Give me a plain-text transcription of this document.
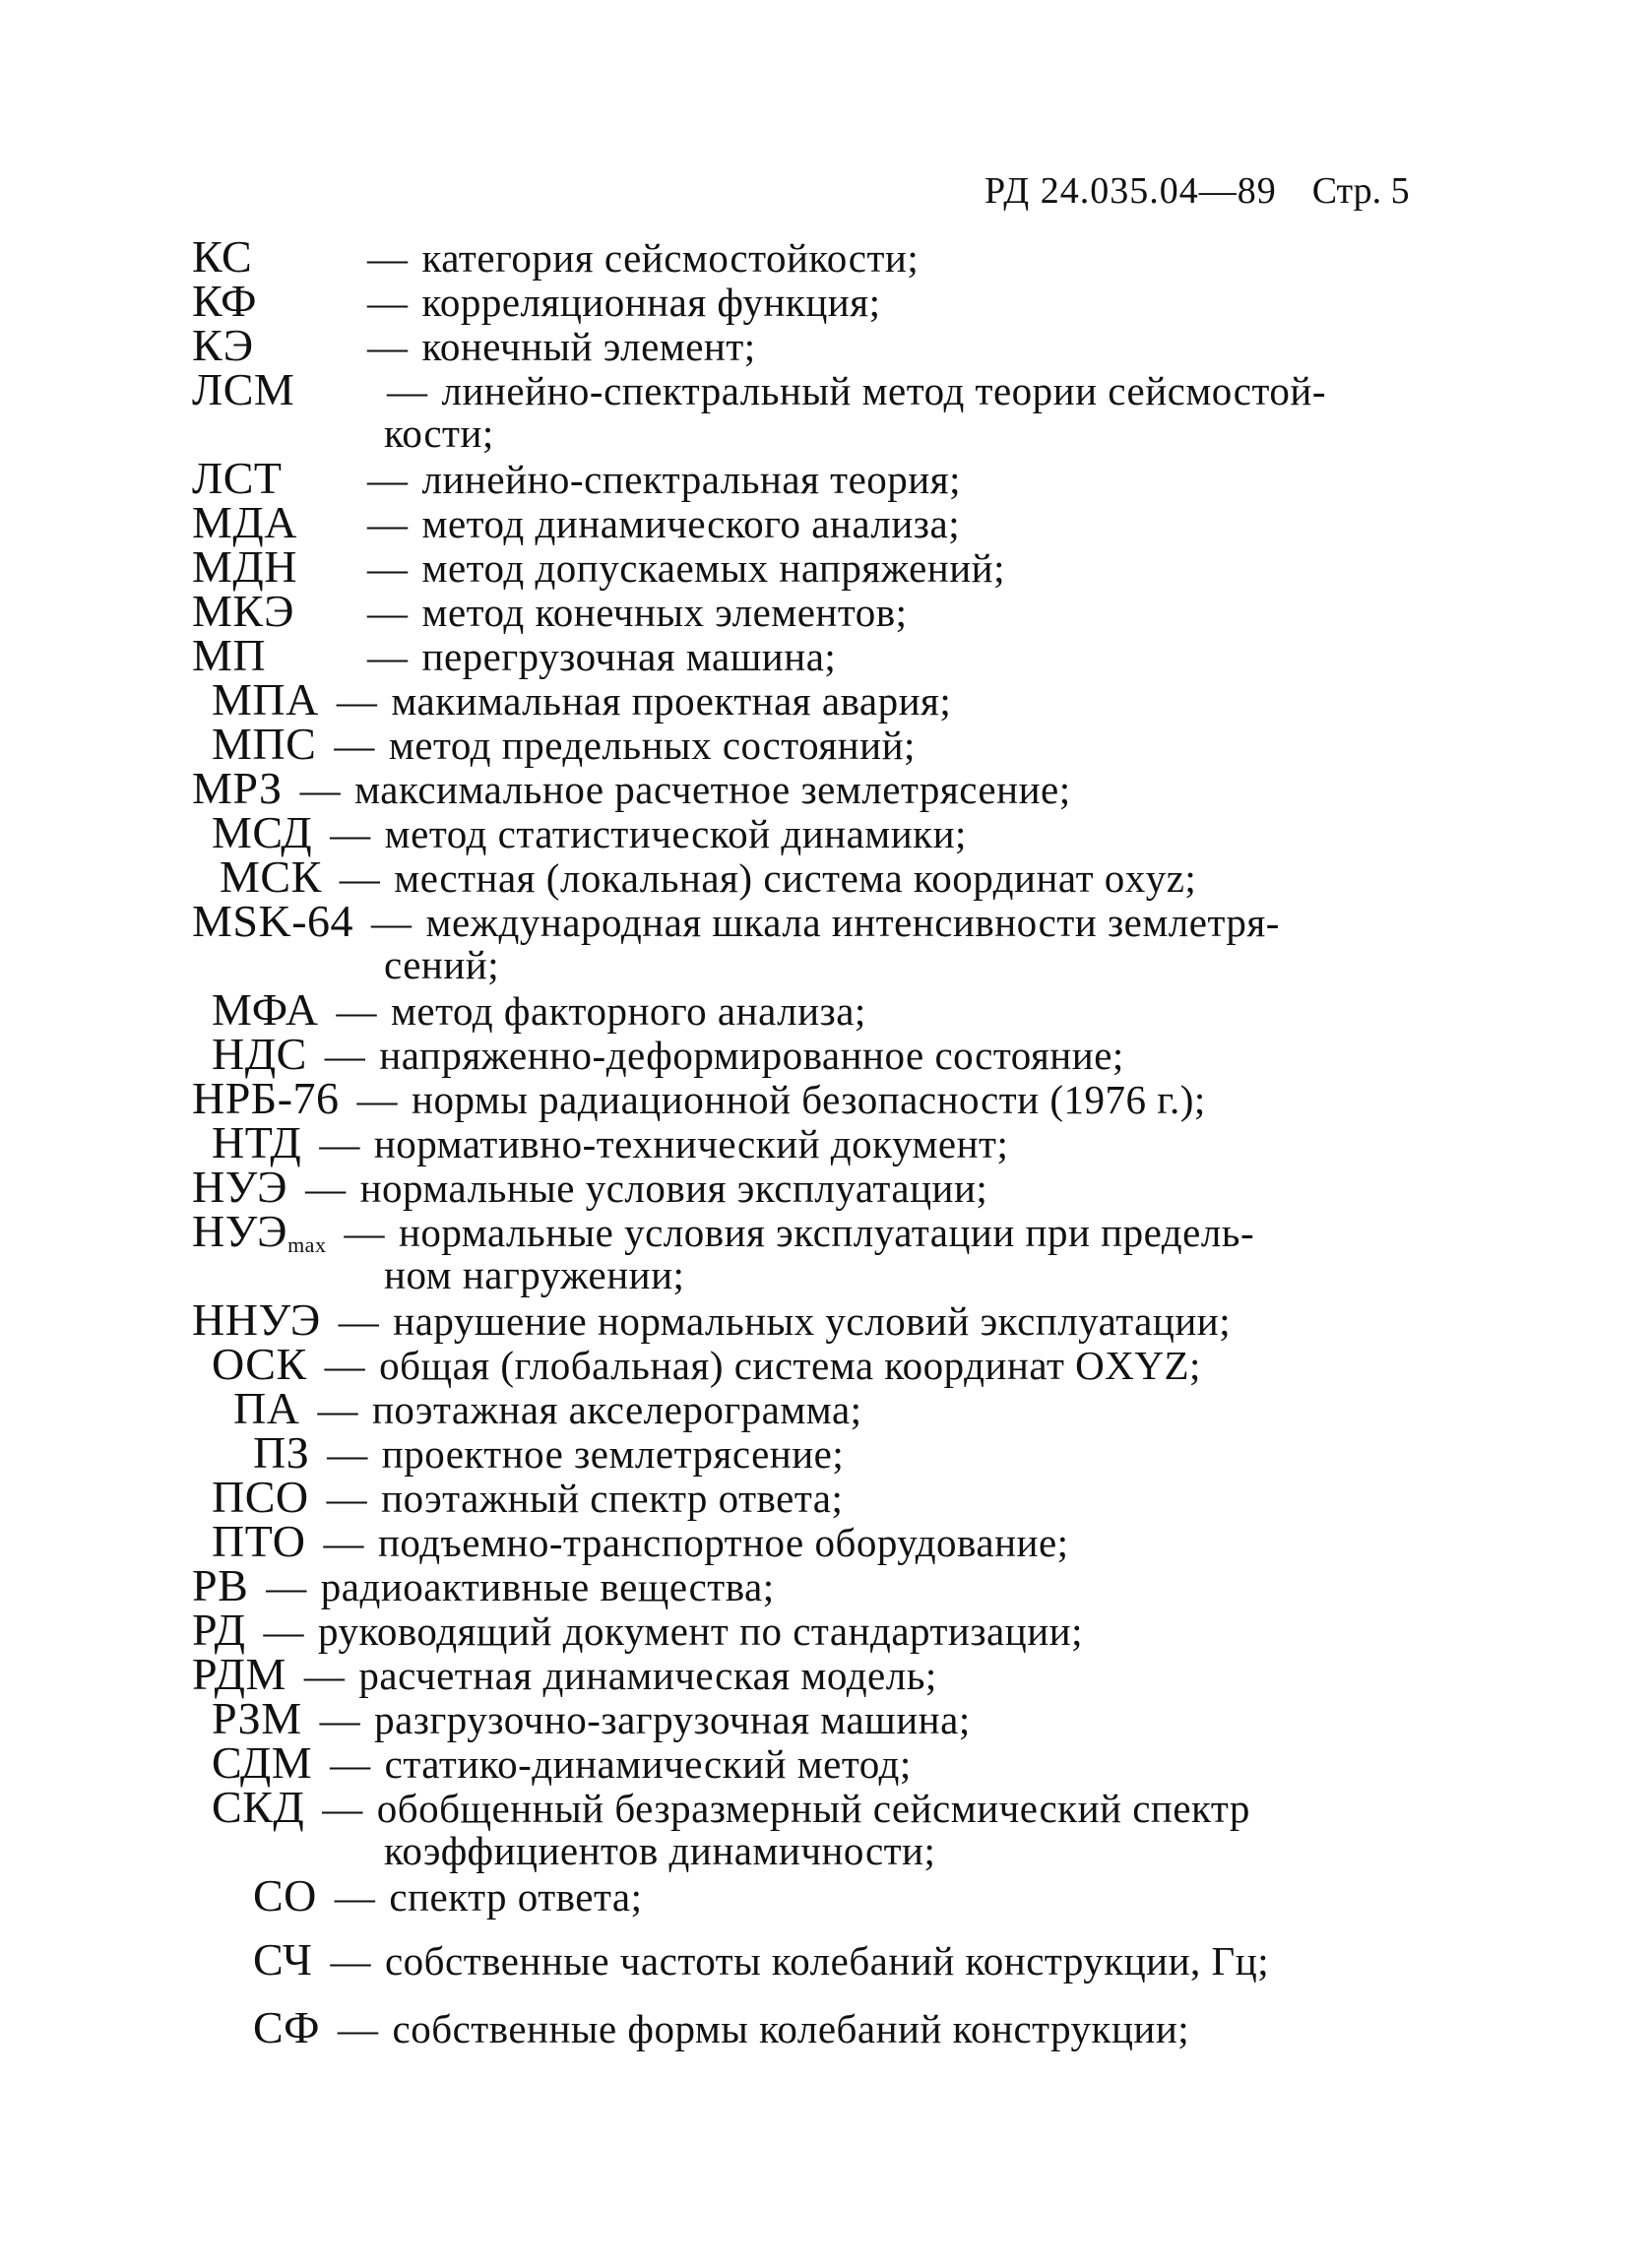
РД 24.035.04—89 Стр. 5
КС	— категория сейсмостойкости;
КФ	— корреляционная функция;
КЭ	— конечный элемент;
ЛСМ — линейно-спектральный метод теории сейсмостой-
кости;
ЛСТ — линейно-спектральная теория;
МДА — метод динамического анализа;
МДН — метод допускаемых напряжений;
МКЭ — метод конечных элементов;
МП	— перегрузочная машина;
МПА — макимальная проектная авария;
МПС — метод предельных состояний;
МРЗ — максимальное расчетное землетрясение;
МСД — метод статистической динамики;
МСК — местная (локальная) система координат oxyz;
MSK-64 — международная шкала интенсивности землетря-
сений;
МФА — метод факторного анализа;
НДС — напряженно-деформированное состояние;
НРБ-76 — нормы радиационной безопасности (1976 г.);
НТД — нормативно-технический документ;
НУЭ — нормальные условия эксплуатации;
$НУЭ_{max}$ — нормальные условия эксплуатации при предель-
ном нагружении;
ННУЭ — нарушение нормальных условий эксплуатации;
ОСК — общая (глобальная) система координат OXYZ;
ПА — поэтажная акселерограмма;
ПЗ — проектное землетрясение;
ПСО — поэтажный спектр ответа;
ПТО — подъемно-транспортное оборудование;
РВ — радиоактивные вещества;
РД — руководящий документ по стандартизации;
РДМ — расчетная динамическая модель;
РЗМ — разгрузочно-загрузочная машина;
СДМ — статико-динамический метод;
СКД — обобщенный безразмерный сейсмический спектр
коэффициентов динамичности;
СО — спектр ответа;
СЧ — собственные частоты колебаний конструкции, Гц;
СФ — собственные формы колебаний конструкции;
